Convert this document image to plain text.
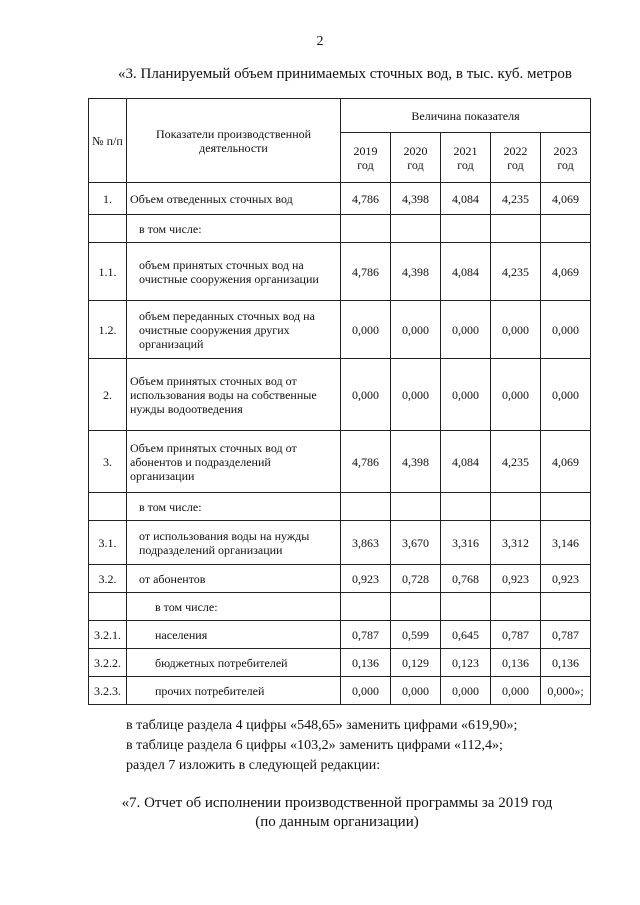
2
«3. Планируемый объем принимаемых сточных вод, в тыс. куб. метров
№ п/п	Показатели производственной деятельности	Величина показателя				
		2019 год	2020 год	2021 год	2022 год	2023 год
1.	Объем отведенных сточных вод	4,786	4,398	4,084	4,235	4,069
	в том числе:					
1.1.	объем принятых сточных вод на очистные сооружения организации	4,786	4,398	4,084	4,235	4,069
1.2.	объем переданных сточных вод на очистные сооружения других организаций	0,000	0,000	0,000	0,000	0,000
2.	Объем принятых сточных вод от использования воды на собственные нужды водоотведения	0,000	0,000	0,000	0,000	0,000
3.	Объем принятых сточных вод от абонентов и подразделений организации	4,786	4,398	4,084	4,235	4,069
	в том числе:					
3.1.	от использования воды на нужды подразделений организации	3,863	3,670	3,316	3,312	3,146
3.2.	от абонентов	0,923	0,728	0,768	0,923	0,923
	в том числе:					
3.2.1.	населения	0,787	0,599	0,645	0,787	0,787
3.2.2.	бюджетных потребителей	0,136	0,129	0,123	0,136	0,136
3.2.3.	прочих потребителей	0,000	0,000	0,000	0,000	0,000»;
в таблице раздела 4 цифры «548,65» заменить цифрами «619,90»;
в таблице раздела 6 цифры «103,2» заменить цифрами «112,4»;
раздел 7 изложить в следующей редакции:
«7. Отчет об исполнении производственной программы за 2019 год
(по данным организации)
